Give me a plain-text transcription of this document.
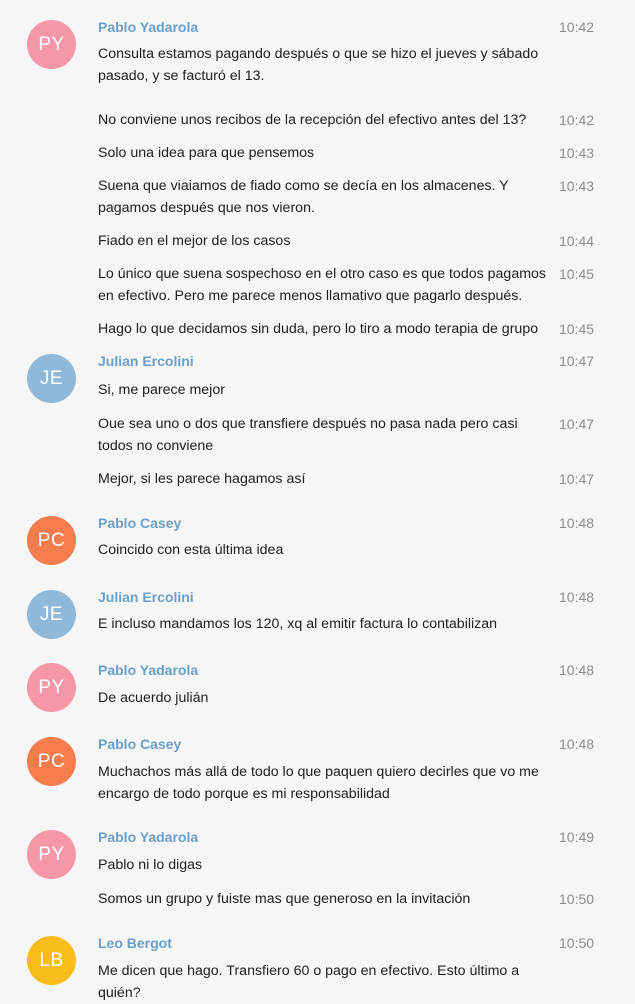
PY
Pablo Yadarola	10:42
Consulta estamos pagando después o que se hizo el jueves y sábado pasado, y se facturó el 13.
No conviene unos recibos de la recepción del efectivo antes del 13?	10:42
Solo una idea para que pensemos	10:43
Suena que viaiamos de fiado como se decía en los almacenes. Y pagamos después que nos vieron.
10:43
Fiado en el mejor de los casos	10:44
Lo único que suena sospechoso en el otro caso es que todos pagamos en efectivo. Pero me parece menos llamativo que pagarlo después.
10:45
Hago lo que decidamos sin duda, pero lo tiro a modo terapia de grupo	10:45
JE
Julian Ercolini	10:47
Si, me parece mejor
Oue sea uno o dos que transfiere después no pasa nada pero casi todos no conviene
10:47
Mejor, si les parece hagamos así	10:47
PC
Pablo Casey	10:48
Coincido con esta última idea
JE
Julian Ercolini	10:48
E incluso mandamos los 120, xq al emitir factura lo contabilizan
PY
Pablo Yadarola	10:48
De acuerdo julián
PC
Pablo Casey	10:48
Muchachos más allá de todo lo que paquen quiero decirles que vo me encargo de todo porque es mi responsabilidad
PY
Pablo Yadarola	10:49
Pablo ni lo digas
Somos un grupo y fuiste mas que generoso en la invitación	10:50
LB
Leo Bergot	10:50
Me dicen que hago. Transfiero 60 o pago en efectivo. Esto último a quién?
